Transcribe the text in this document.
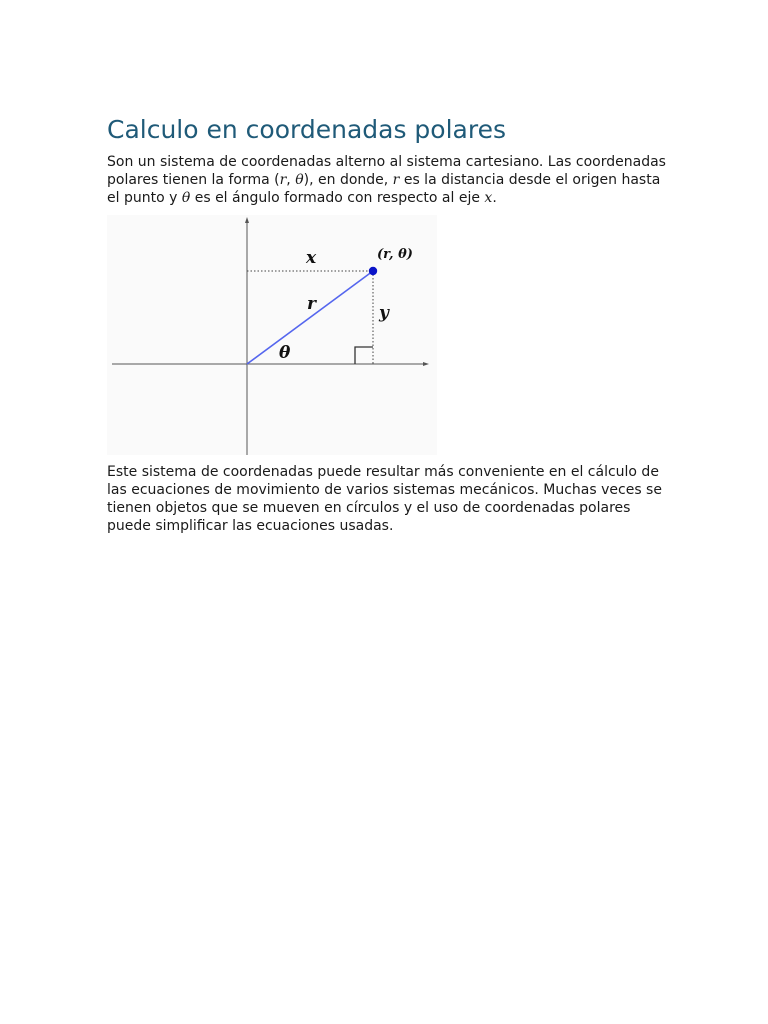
Calculo en coordenadas polares

Son un sistema de coordenadas alterno al sistema cartesiano. Las coordenadas polares tienen la forma (r, θ), en donde, r es la distancia desde el origen hasta el punto y θ es el ángulo formado con respecto al eje x.

x
y
r
θ
(r, θ)

Este sistema de coordenadas puede resultar más conveniente en el cálculo de las ecuaciones de movimiento de varios sistemas mecánicos. Muchas veces se tienen objetos que se mueven en círculos y el uso de coordenadas polares puede simplificar las ecuaciones usadas.
